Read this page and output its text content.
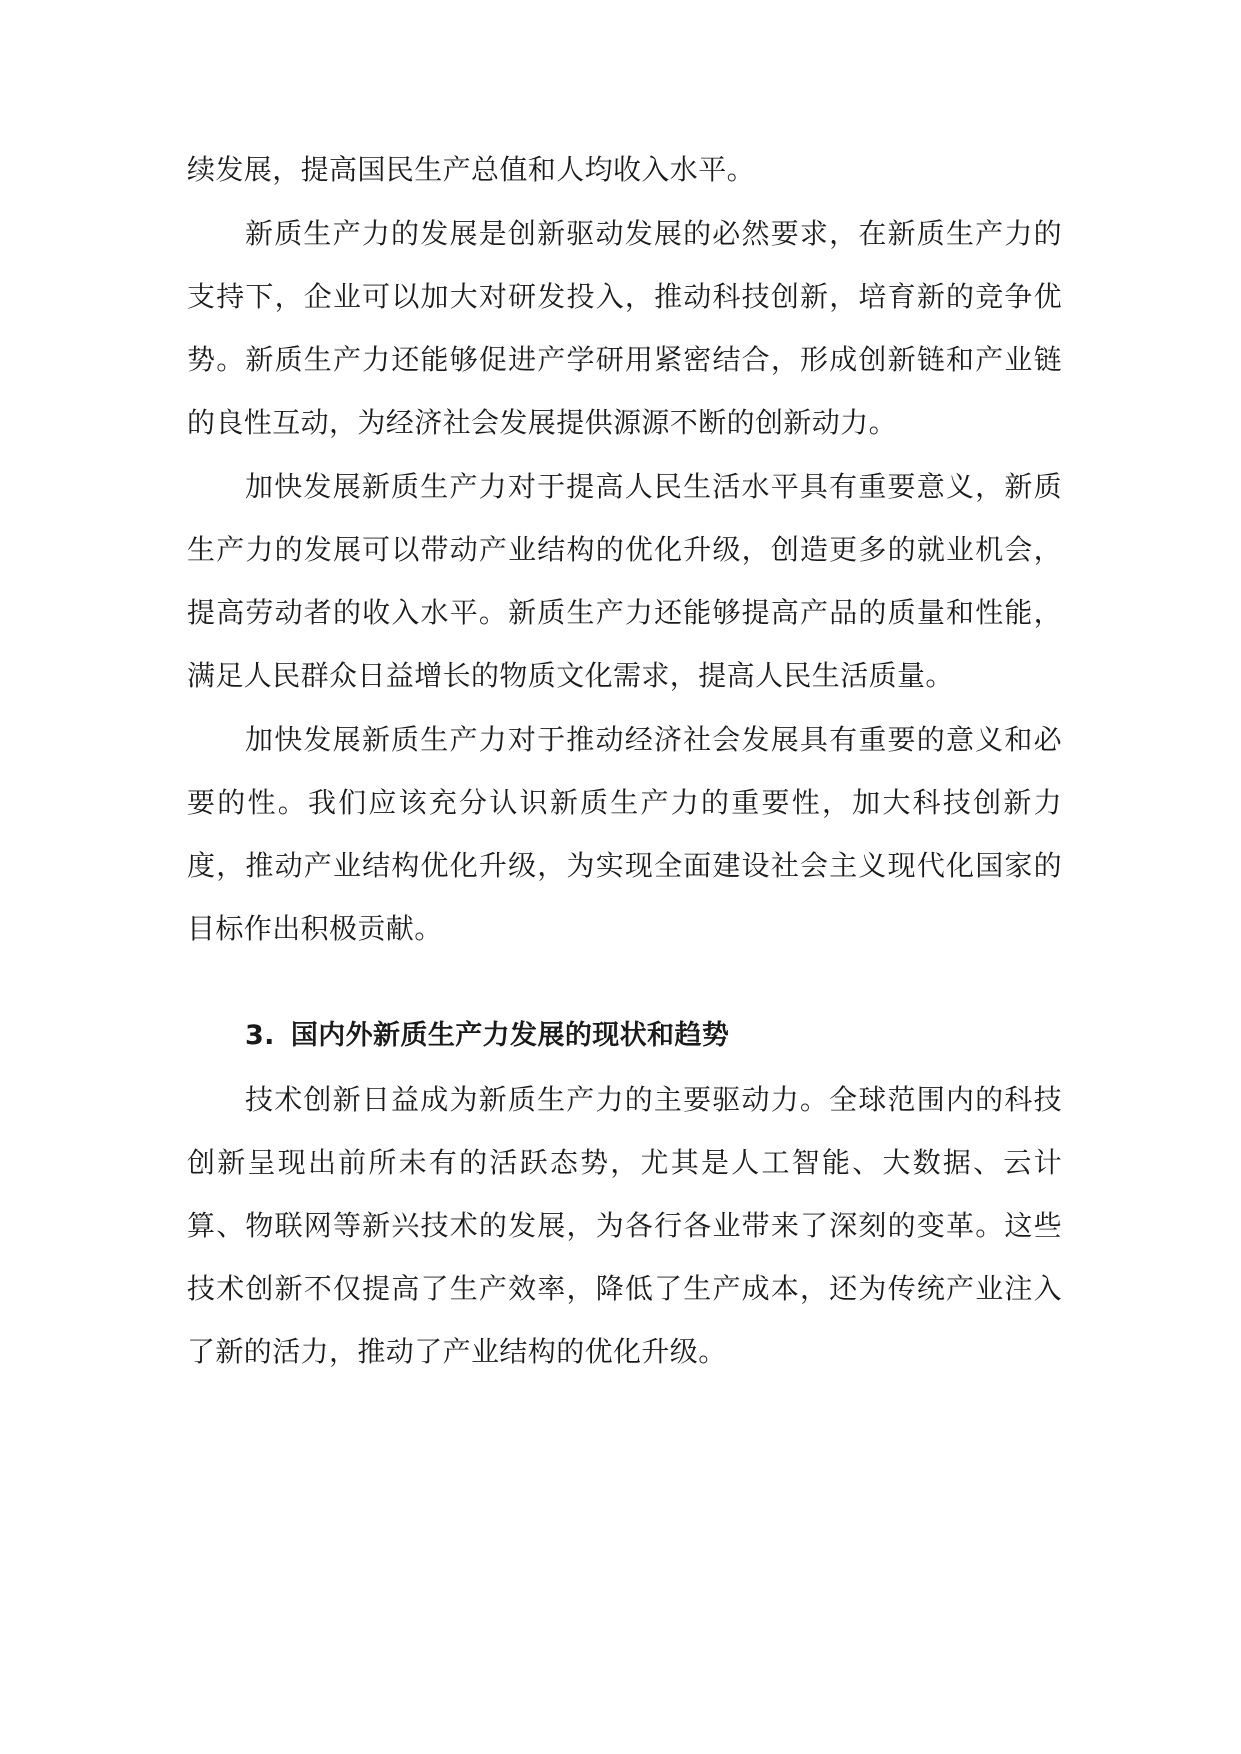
续发展，提高国民生产总值和人均收入水平。

新质生产力的发展是创新驱动发展的必然要求，在新质生产力的支持下，企业可以加大对研发投入，推动科技创新，培育新的竞争优势。新质生产力还能够促进产学研用紧密结合，形成创新链和产业链的良性互动，为经济社会发展提供源源不断的创新动力。

加快发展新质生产力对于提高人民生活水平具有重要意义，新质生产力的发展可以带动产业结构的优化升级，创造更多的就业机会，提高劳动者的收入水平。新质生产力还能够提高产品的质量和性能，满足人民群众日益增长的物质文化需求，提高人民生活质量。

加快发展新质生产力对于推动经济社会发展具有重要的意义和必要的性。我们应该充分认识新质生产力的重要性，加大科技创新力度，推动产业结构优化升级，为实现全面建设社会主义现代化国家的目标作出积极贡献。

3. 国内外新质生产力发展的现状和趋势

技术创新日益成为新质生产力的主要驱动力。全球范围内的科技创新呈现出前所未有的活跃态势，尤其是人工智能、大数据、云计算、物联网等新兴技术的发展，为各行各业带来了深刻的变革。这些技术创新不仅提高了生产效率，降低了生产成本，还为传统产业注入了新的活力，推动了产业结构的优化升级。
